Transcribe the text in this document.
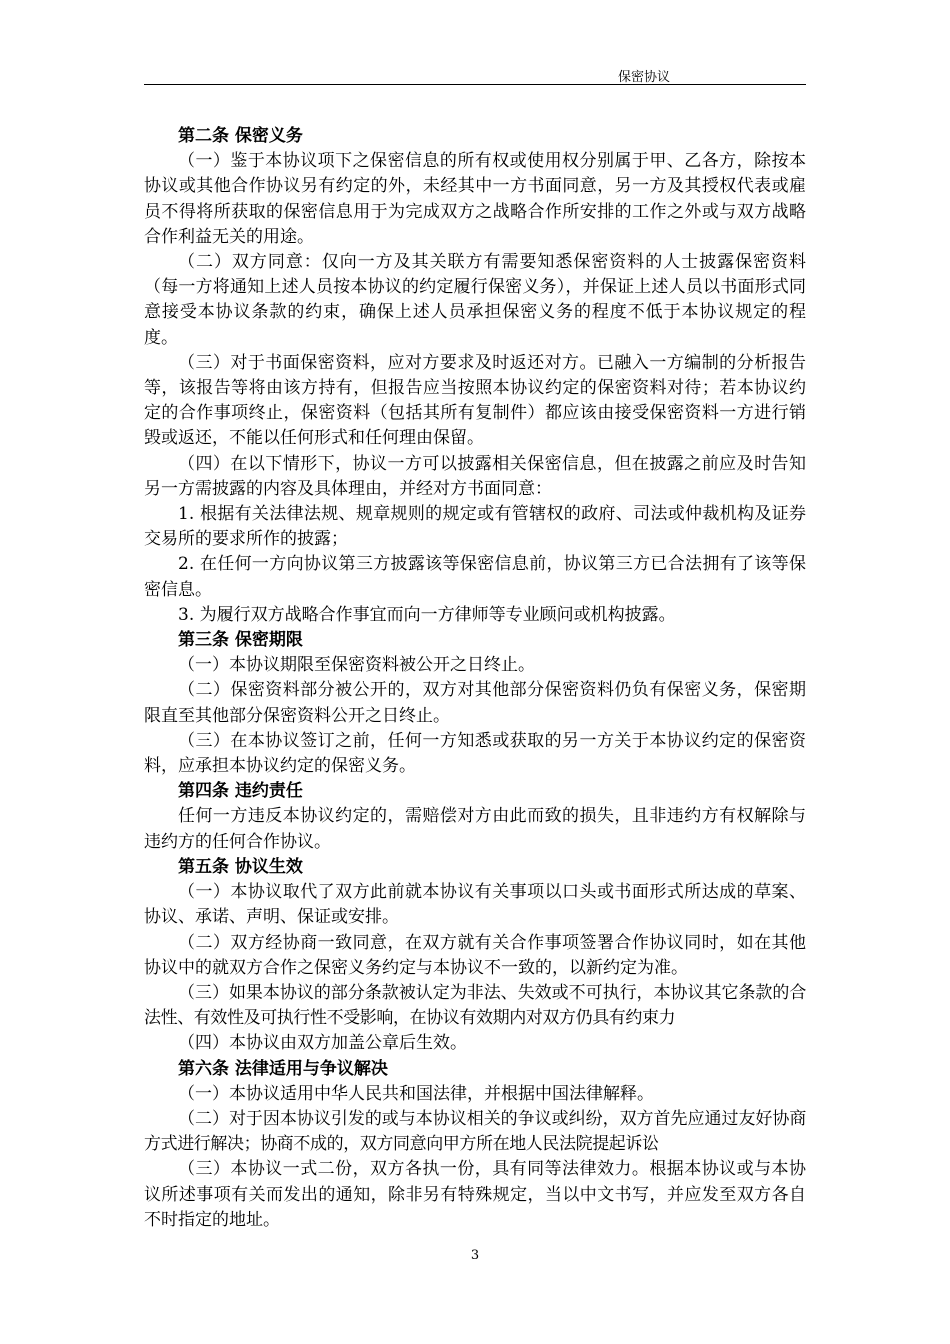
保密协议

第二条 保密义务

（一）鉴于本协议项下之保密信息的所有权或使用权分别属于甲、乙各方，除按本协议或其他合作协议另有约定的外，未经其中一方书面同意，另一方及其授权代表或雇员不得将所获取的保密信息用于为完成双方之战略合作所安排的工作之外或与双方战略合作利益无关的用途。

（二）双方同意：仅向一方及其关联方有需要知悉保密资料的人士披露保密资料（每一方将通知上述人员按本协议的约定履行保密义务），并保证上述人员以书面形式同意接受本协议条款的约束，确保上述人员承担保密义务的程度不低于本协议规定的程度。

（三）对于书面保密资料，应对方要求及时返还对方。已融入一方编制的分析报告等，该报告等将由该方持有，但报告应当按照本协议约定的保密资料对待；若本协议约定的合作事项终止，保密资料（包括其所有复制件）都应该由接受保密资料一方进行销毁或返还，不能以任何形式和任何理由保留。

（四）在以下情形下，协议一方可以披露相关保密信息，但在披露之前应及时告知另一方需披露的内容及具体理由，并经对方书面同意：

1. 根据有关法律法规、规章规则的规定或有管辖权的政府、司法或仲裁机构及证券交易所的要求所作的披露；

2. 在任何一方向协议第三方披露该等保密信息前，协议第三方已合法拥有了该等保密信息。

3. 为履行双方战略合作事宜而向一方律师等专业顾问或机构披露。

第三条 保密期限

（一）本协议期限至保密资料被公开之日终止。

（二）保密资料部分被公开的，双方对其他部分保密资料仍负有保密义务，保密期限直至其他部分保密资料公开之日终止。

（三）在本协议签订之前，任何一方知悉或获取的另一方关于本协议约定的保密资料，应承担本协议约定的保密义务。

第四条 违约责任

任何一方违反本协议约定的，需赔偿对方由此而致的损失，且非违约方有权解除与违约方的任何合作协议。

第五条 协议生效

（一）本协议取代了双方此前就本协议有关事项以口头或书面形式所达成的草案、协议、承诺、声明、保证或安排。

（二）双方经协商一致同意，在双方就有关合作事项签署合作协议同时，如在其他协议中的就双方合作之保密义务约定与本协议不一致的，以新约定为准。

（三）如果本协议的部分条款被认定为非法、失效或不可执行，本协议其它条款的合法性、有效性及可执行性不受影响，在协议有效期内对双方仍具有约束力

（四）本协议由双方加盖公章后生效。

第六条 法律适用与争议解决

（一）本协议适用中华人民共和国法律，并根据中国法律解释。

（二）对于因本协议引发的或与本协议相关的争议或纠纷，双方首先应通过友好协商方式进行解决；协商不成的，双方同意向甲方所在地人民法院提起诉讼

（三）本协议一式二份，双方各执一份，具有同等法律效力。根据本协议或与本协议所述事项有关而发出的通知，除非另有特殊规定，当以中文书写，并应发至双方各自不时指定的地址。

3
